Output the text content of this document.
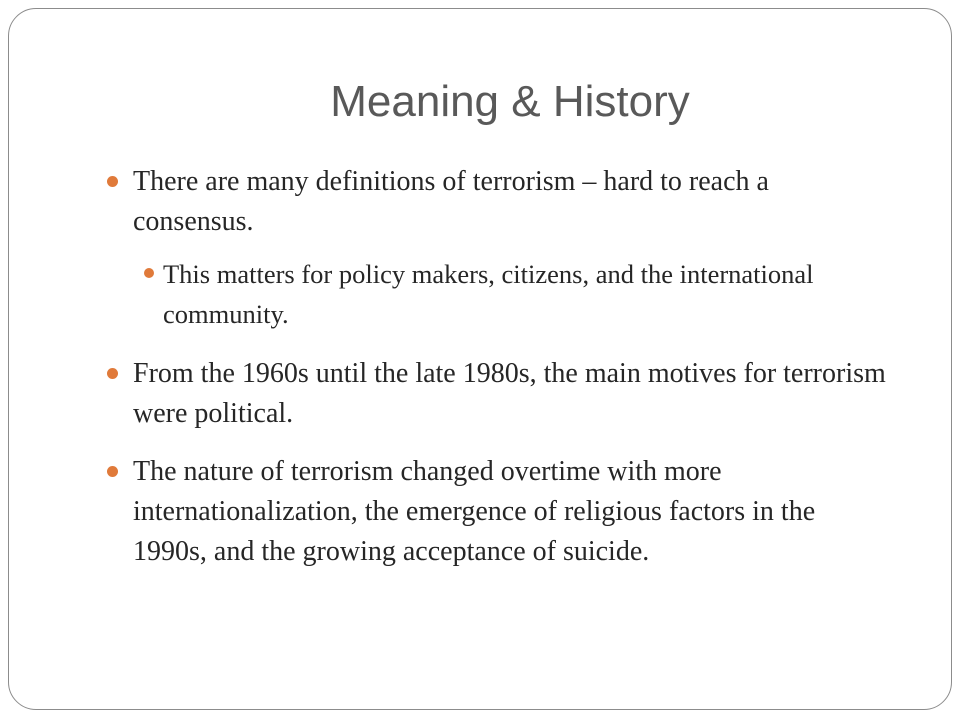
Meaning & History
There are many definitions of terrorism – hard to reach a consensus.
This matters for policy makers, citizens, and the international community.
From the 1960s until the late 1980s, the main motives for terrorism were political.
The nature of terrorism changed overtime with more internationalization, the emergence of religious factors in the 1990s, and the growing acceptance of suicide.
